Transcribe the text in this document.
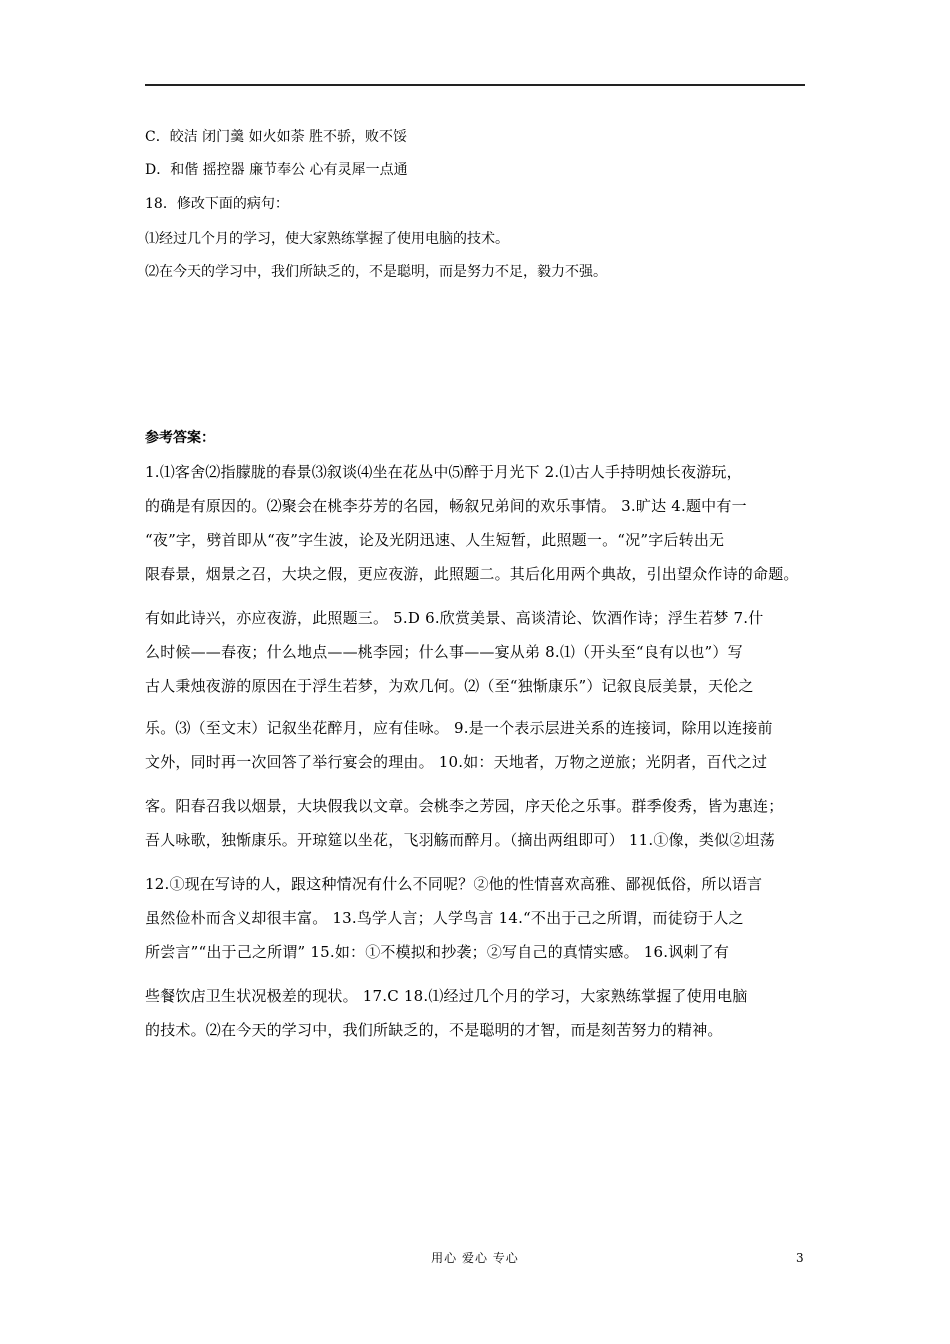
C．皎洁 闭门羹 如火如荼 胜不骄，败不馁
D．和偕 摇控器 廉节奉公 心有灵犀一点通
18．修改下面的病句：
⑴经过几个月的学习，使大家熟练掌握了使用电脑的技术。
⑵在今天的学习中，我们所缺乏的，不是聪明，而是努力不足，毅力不强。
参考答案：
1.⑴客舍⑵指朦胧的春景⑶叙谈⑷坐在花丛中⑸醉于月光下 2.⑴古人手持明烛长夜游玩，
的确是有原因的。⑵聚会在桃李芬芳的名园，畅叙兄弟间的欢乐事情。 3.旷达 4.题中有一
“夜”字，劈首即从“夜”字生波，论及光阴迅速、人生短暂，此照题一。“况”字后转出无
限春景，烟景之召，大块之假，更应夜游，此照题二。其后化用两个典故，引出望众作诗的命题。
有如此诗兴，亦应夜游，此照题三。 5.D 6.欣赏美景、高谈清论、饮酒作诗；浮生若梦 7.什
么时候——春夜；什么地点——桃李园；什么事——宴从弟 8.⑴（开头至“良有以也”）写
古人秉烛夜游的原因在于浮生若梦，为欢几何。⑵（至“独惭康乐”）记叙良辰美景，天伦之
乐。⑶（至文末）记叙坐花醉月，应有佳咏。 9.是一个表示层进关系的连接词，除用以连接前
文外，同时再一次回答了举行宴会的理由。 10.如：天地者，万物之逆旅；光阴者，百代之过
客。阳春召我以烟景，大块假我以文章。会桃李之芳园，序天伦之乐事。群季俊秀，皆为惠连；
吾人咏歌，独惭康乐。开琼筵以坐花，飞羽觞而醉月。（摘出两组即可） 11.①像，类似②坦荡
12.①现在写诗的人，跟这种情况有什么不同呢？②他的性情喜欢高雅、鄙视低俗，所以语言
虽然俭朴而含义却很丰富。 13.鸟学人言；人学鸟言 14.“不出于己之所谓，而徒窃于人之
所尝言”“出于己之所谓” 15.如：①不模拟和抄袭；②写自己的真情实感。 16.讽刺了有
些餐饮店卫生状况极差的现状。 17.C 18.⑴经过几个月的学习，大家熟练掌握了使用电脑
的技术。⑵在今天的学习中，我们所缺乏的，不是聪明的才智，而是刻苦努力的精神。
用心 爱心 专心	3
